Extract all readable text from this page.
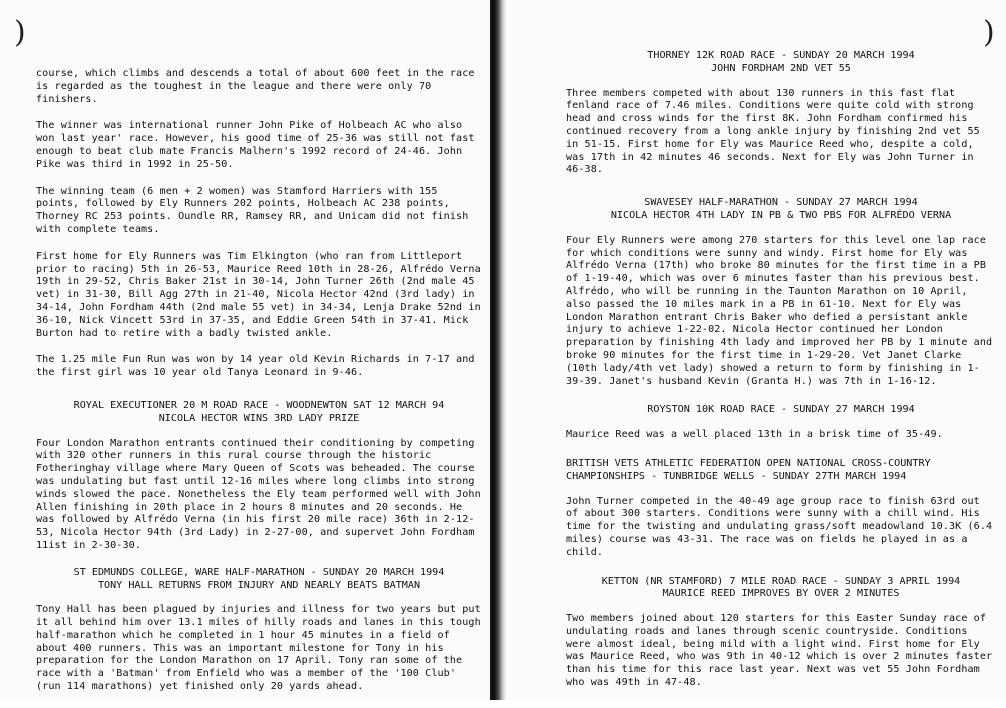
)

course, which climbs and descends a total of about 600 feet in the race is regarded as the toughest in the league and there were only 70 finishers.

The winner was international runner John Pike of Holbeach AC who also won last year' race. However, his good time of 25-36 was still not fast enough to beat club mate Francis Malhern's 1992 record of 24-46. John Pike was third in 1992 in 25-50.

The winning team (6 men + 2 women) was Stamford Harriers with 155 points, followed by Ely Runners 202 points, Holbeach AC 238 points, Thorney RC 253 points. Oundle RR, Ramsey RR, and Unicam did not finish with complete teams.

First home for Ely Runners was Tim Elkington (who ran from Littleport prior to racing) 5th in 26-53, Maurice Reed 10th in 28-26, Alfrédo Verna 19th in 29-52, Chris Baker 21st in 30-14, John Turner 26th (2nd male 45 vet) in 31-30, Bill Agg 27th in 21-40, Nicola Hector 42nd (3rd lady) in 34-14, John Fordham 44th (2nd male 55 vet) in 34-34, Lenja Drake 52nd in 36-10, Nick Vincett 53rd in 37-35, and Eddie Green 54th in 37-41. Mick Burton had to retire with a badly twisted ankle.

The 1.25 mile Fun Run was won by 14 year old Kevin Richards in 7-17 and the first girl was 10 year old Tanya Leonard in 9-46.

ROYAL EXECUTIONER 20 M ROAD RACE - WOODNEWTON SAT 12 MARCH 94
NICOLA HECTOR WINS 3RD LADY PRIZE

Four London Marathon entrants continued their conditioning by competing with 320 other runners in this rural course through the historic Fotheringhay village where Mary Queen of Scots was beheaded. The course was undulating but fast until 12-16 miles where long climbs into strong winds slowed the pace. Nonetheless the Ely team performed well with John Allen finishing in 20th place in 2 hours 8 minutes and 20 seconds. He was followed by Alfrédo Verna (in his first 20 mile race) 36th in 2-12-53, Nicola Hector 94th (3rd Lady) in 2-27-00, and supervet John Fordham 11ist in 2-30-30.

ST EDMUNDS COLLEGE, WARE HALF-MARATHON - SUNDAY 20 MARCH 1994
TONY HALL RETURNS FROM INJURY AND NEARLY BEATS BATMAN

Tony Hall has been plagued by injuries and illness for two years but put it all behind him over 13.1 miles of hilly roads and lanes in this tough half-marathon which he completed in 1 hour 45 minutes in a field of about 400 runners. This was an important milestone for Tony in his preparation for the London Marathon on 17 April. Tony ran some of the race with a 'Batman' from Enfield who was a member of the '100 Club' (run 114 marathons) yet finished only 20 yards ahead.

)
THORNEY 12K ROAD RACE - SUNDAY 20 MARCH 1994
JOHN FORDHAM 2ND VET 55

Three members competed with about 130 runners in this fast flat fenland race of 7.46 miles. Conditions were quite cold with strong head and cross winds for the first 8K. John Fordham confirmed his continued recovery from a long ankle injury by finishing 2nd vet 55 in 51-15. First home for Ely was Maurice Reed who, despite a cold, was 17th in 42 minutes 46 seconds. Next for Ely was John Turner in 46-38.

SWAVESEY HALF-MARATHON - SUNDAY 27 MARCH 1994
NICOLA HECTOR 4TH LADY IN PB & TWO PBS FOR ALFRÉDO VERNA

Four Ely Runners were among 270 starters for this level one lap race for which conditions were sunny and windy. First home for Ely was Alfrédo Verna (17th) who broke 80 minutes for the first time in a PB of 1-19-40, which was over 6 minutes faster than his previous best. Alfrédo, who will be running in the Taunton Marathon on 10 April, also passed the 10 miles mark in a PB in 61-10. Next for Ely was London Marathon entrant Chris Baker who defied a persistant ankle injury to achieve 1-22-02. Nicola Hector continued her London preparation by finishing 4th lady and improved her PB by 1 minute and broke 90 minutes for the first time in 1-29-20. Vet Janet Clarke (10th lady/4th vet lady) showed a return to form by finishing in 1-39-39. Janet's husband Kevin (Granta H.) was 7th in 1-16-12.

ROYSTON 10K ROAD RACE - SUNDAY 27 MARCH 1994

Maurice Reed was a well placed 13th in a brisk time of 35-49.

BRITISH VETS ATHLETIC FEDERATION OPEN NATIONAL CROSS-COUNTRY
CHAMPIONSHIPS - TUNBRIDGE WELLS - SUNDAY 27TH MARCH 1994

John Turner competed in the 40-49 age group race to finish 63rd out of about 300 starters. Conditions were sunny with a chill wind. His time for the twisting and undulating grass/soft meadowland 10.3K (6.4 miles) course was 43-31. The race was on fields he played in as a child.

KETTON (NR STAMFORD) 7 MILE ROAD RACE - SUNDAY 3 APRIL 1994
MAURICE REED IMPROVES BY OVER 2 MINUTES

Two members joined about 120 starters for this Easter Sunday race of undulating roads and lanes through scenic countryside. Conditions were almost ideal, being mild with a light wind. First home for Ely was Maurice Reed, who was 9th in 40-12 which is over 2 minutes faster than his time for this race last year. Next was vet 55 John Fordham who was 49th in 47-48.
